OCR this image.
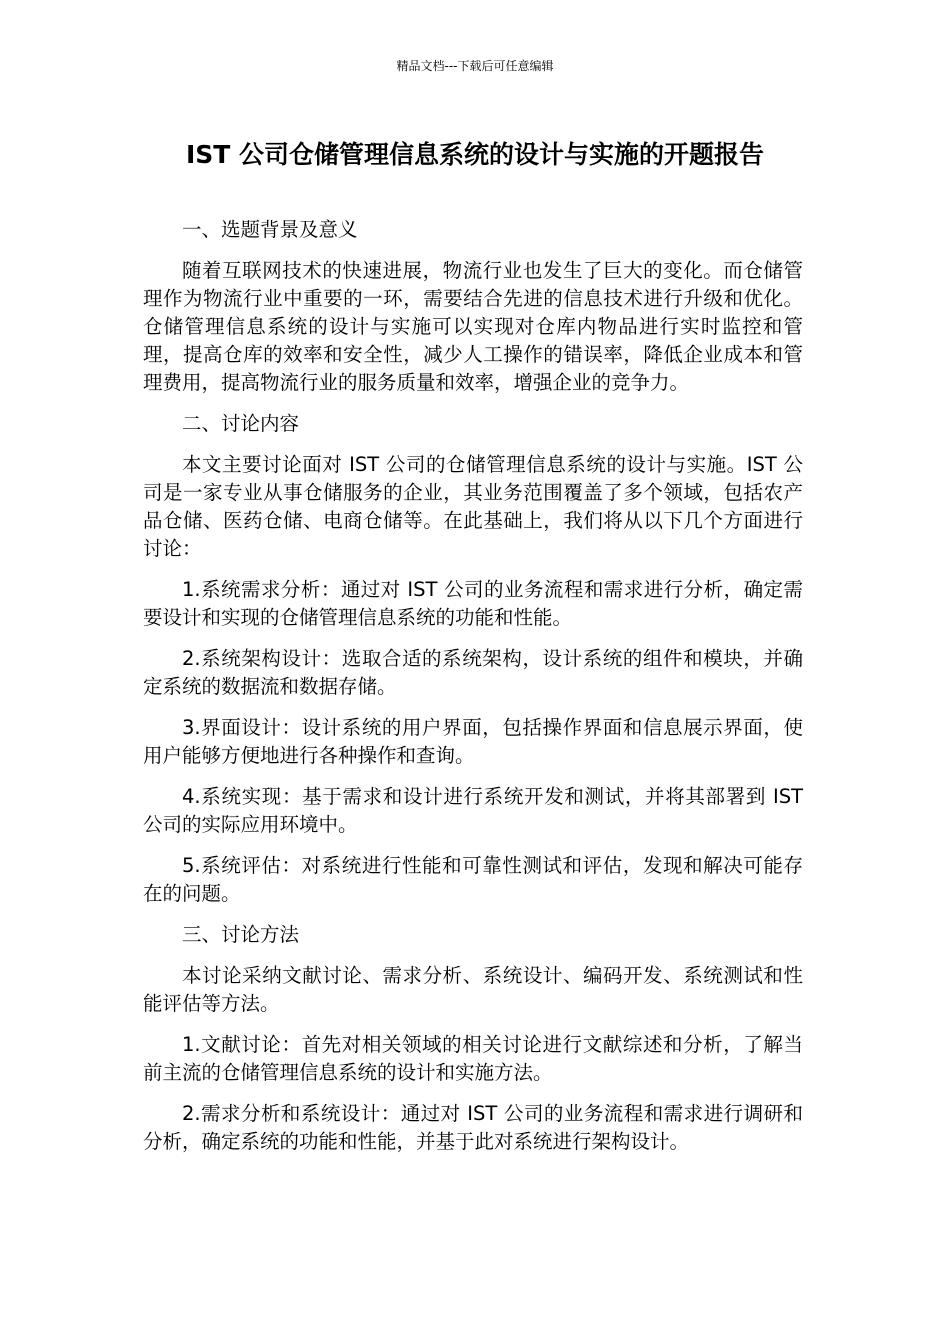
精品文档---下载后可任意编辑
IST 公司仓储管理信息系统的设计与实施的开题报告

一、选题背景及意义

随着互联网技术的快速进展，物流行业也发生了巨大的变化。而仓储管理作为物流行业中重要的一环，需要结合先进的信息技术进行升级和优化。仓储管理信息系统的设计与实施可以实现对仓库内物品进行实时监控和管理，提高仓库的效率和安全性，减少人工操作的错误率，降低企业成本和管理费用，提高物流行业的服务质量和效率，增强企业的竞争力。

二、讨论内容

本文主要讨论面对 IST 公司的仓储管理信息系统的设计与实施。IST 公司是一家专业从事仓储服务的企业，其业务范围覆盖了多个领域，包括农产品仓储、医药仓储、电商仓储等。在此基础上，我们将从以下几个方面进行讨论：

1.系统需求分析：通过对 IST 公司的业务流程和需求进行分析，确定需要设计和实现的仓储管理信息系统的功能和性能。

2.系统架构设计：选取合适的系统架构，设计系统的组件和模块，并确定系统的数据流和数据存储。

3.界面设计：设计系统的用户界面，包括操作界面和信息展示界面，使用户能够方便地进行各种操作和查询。

4.系统实现：基于需求和设计进行系统开发和测试，并将其部署到 IST 公司的实际应用环境中。

5.系统评估：对系统进行性能和可靠性测试和评估，发现和解决可能存在的问题。

三、讨论方法

本讨论采纳文献讨论、需求分析、系统设计、编码开发、系统测试和性能评估等方法。

1.文献讨论：首先对相关领域的相关讨论进行文献综述和分析，了解当前主流的仓储管理信息系统的设计和实施方法。

2.需求分析和系统设计：通过对 IST 公司的业务流程和需求进行调研和分析，确定系统的功能和性能，并基于此对系统进行架构设计。
